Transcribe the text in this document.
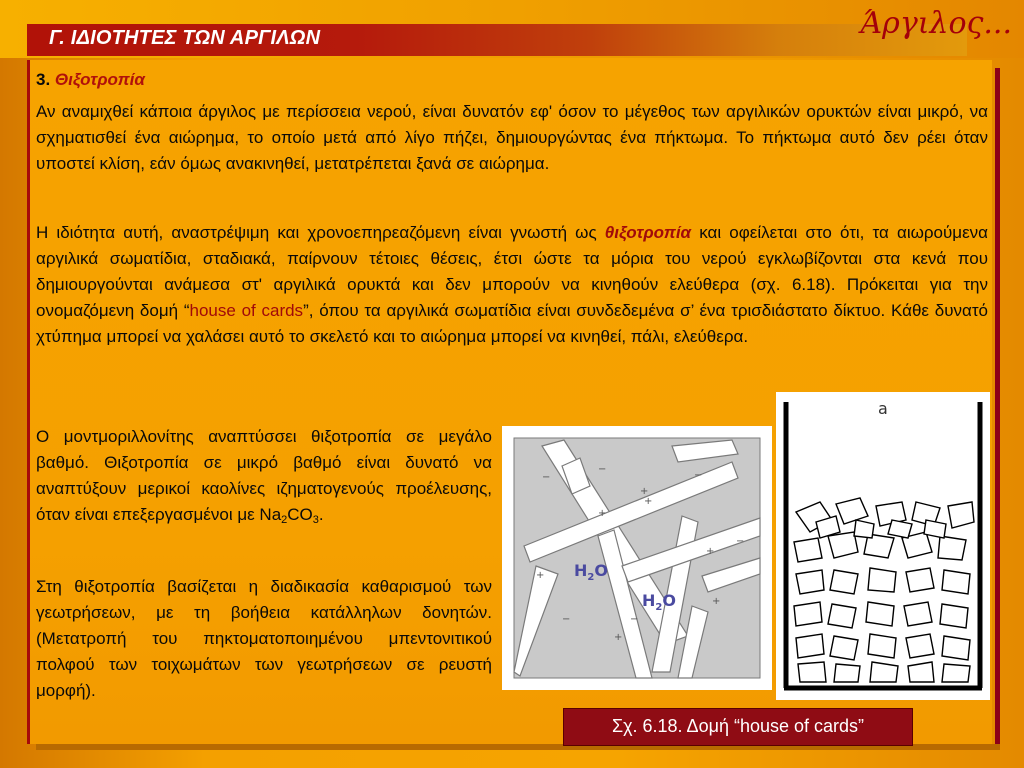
Γ. ΙΔΙΟΤΗΤΕΣ ΤΩΝ ΑΡΓΙΛΩΝ	Άργιλος...
3. Θιξοτροπία

Αν αναμιχθεί κάποια άργιλος με περίσσεια νερού, είναι δυνατόν εφ' όσον το μέγεθος των αργιλικών ορυκτών είναι μικρό, να σχηματισθεί ένα αιώρημα, το οποίο μετά από λίγο πήζει, δημιουργώντας ένα πήκτωμα. Το πήκτωμα αυτό δεν ρέει όταν υποστεί κλίση, εάν όμως ανακινηθεί, μετατρέπεται ξανά σε αιώρημα.

Η ιδιότητα αυτή, αναστρέψιμη και χρονοεπηρεαζόμενη είναι γνωστή ως θιξοτροπία και οφείλεται στο ότι, τα αιωρούμενα αργιλικά σωματίδια, σταδιακά, παίρνουν τέτοιες θέσεις, έτσι ώστε τα μόρια του νερού εγκλωβίζονται στα κενά που δημιουργούνται ανάμεσα στ' αργιλικά ορυκτά και δεν μπορούν να κινηθούν ελεύθερα (σχ. 6.18). Πρόκειται για την ονομαζόμενη δομή “house of cards”, όπου τα αργιλικά σωματίδια είναι συνδεδεμένα σ’ ένα τρισδιάστατο δίκτυο. Κάθε δυνατό χτύπημα μπορεί να χαλάσει αυτό το σκελετό και το αιώρημα μπορεί να κινηθεί, πάλι, ελεύθερα.

Ο μοντμοριλλονίτης αναπτύσσει θιξοτροπία σε μεγάλο βαθμό. Θιξοτροπία σε μικρό βαθμό είναι δυνατό να αναπτύξουν μερικοί καολίνες ιζηματογενούς προέλευσης, όταν είναι επεξεργασμένοι με $Na_2CO_3$.

Στη θιξοτροπία βασίζεται η διαδικασία καθαρισμού των γεωτρήσεων, με τη βοήθεια κατάλληλων δονητών. (Μετατροπή του πηκτοματοποιημένου μπεντονιτικού πολφού των τοιχωμάτων των γεωτρήσεων σε ρευστή μορφή).

−
−
+
+
+
−
+
−
−
+
+
+
−
$H_2O$
$H_2O$
a
Σχ. 6.18. Δομή “house of cards”
